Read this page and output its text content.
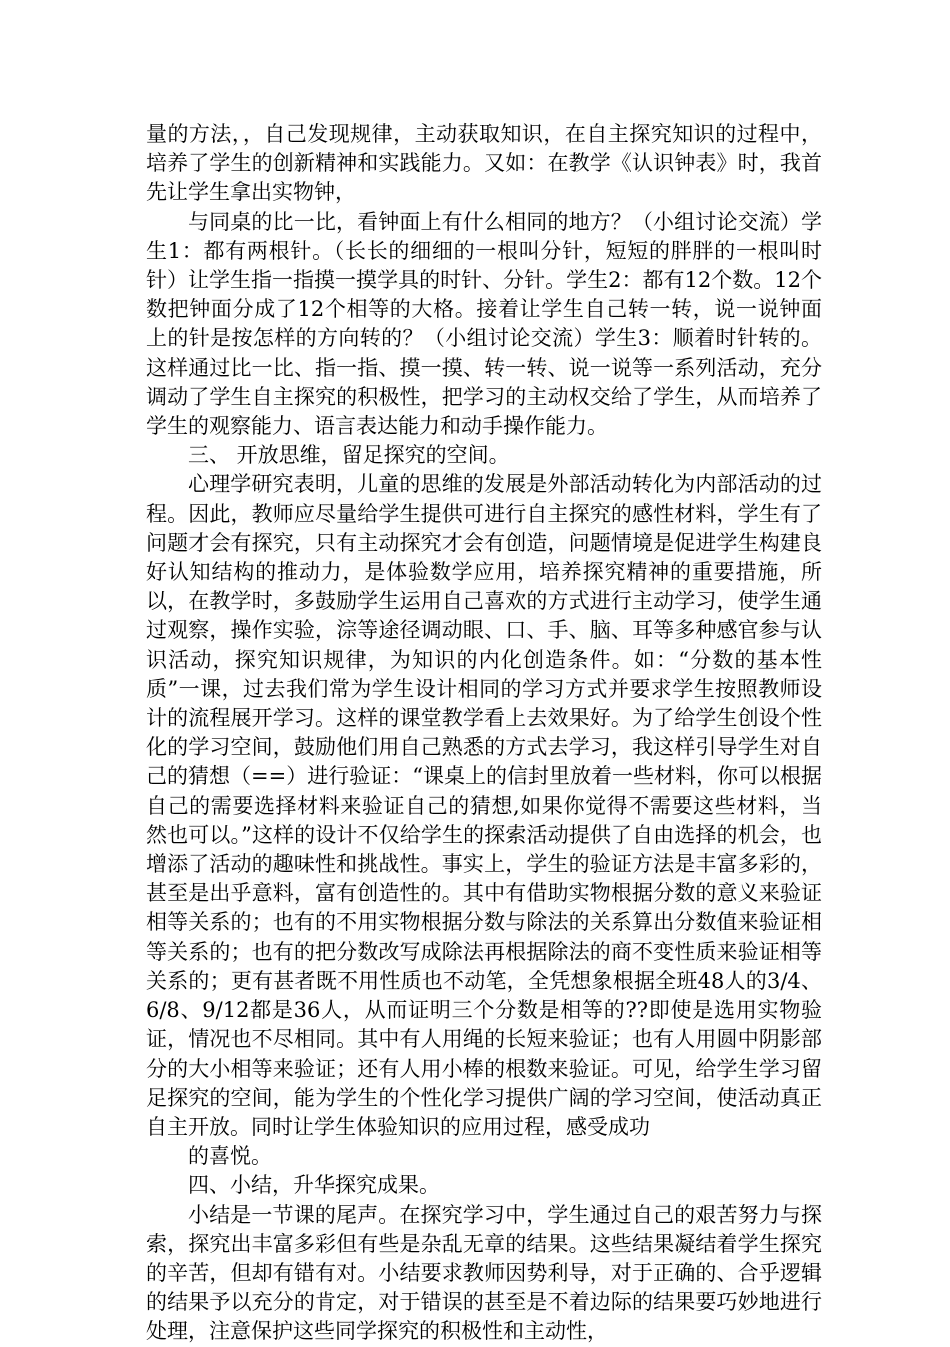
量的方法，，自己发现规律，主动获取知识，在自主探究知识的过程中，培养了学生的创新精神和实践能力。又如：在教学《认识钟表》时，我首先让学生拿出实物钟，

与同桌的比一比，看钟面上有什么相同的地方？（小组讨论交流）学生1：都有两根针。（长长的细细的一根叫分针，短短的胖胖的一根叫时针）让学生指一指摸一摸学具的时针、分针。学生2：都有12个数。12个数把钟面分成了12个相等的大格。接着让学生自己转一转，说一说钟面上的针是按怎样的方向转的？（小组讨论交流）学生3：顺着时针转的。这样通过比一比、指一指、摸一摸、转一转、说一说等一系列活动，充分调动了学生自主探究的积极性，把学习的主动权交给了学生，从而培养了学生的观察能力、语言表达能力和动手操作能力。

三、 开放思维，留足探究的空间。

心理学研究表明，儿童的思维的发展是外部活动转化为内部活动的过程。因此，教师应尽量给学生提供可进行自主探究的感性材料，学生有了问题才会有探究，只有主动探究才会有创造，问题情境是促进学生构建良好认知结构的推动力，是体验数学应用，培养探究精神的重要措施，所以，在教学时，多鼓励学生运用自己喜欢的方式进行主动学习，使学生通过观察，操作实验，淙等途径调动眼、口、手、脑、耳等多种感官参与认识活动，探究知识规律，为知识的内化创造条件。如：“分数的基本性质”一课，过去我们常为学生设计相同的学习方式并要求学生按照教师设计的流程展开学习。这样的课堂教学看上去效果好。为了给学生创设个性化的学习空间，鼓励他们用自己熟悉的方式去学习，我这样引导学生对自己的猜想（==）进行验证：“课桌上的信封里放着一些材料，你可以根据自己的需要选择材料来验证自己的猜想,如果你觉得不需要这些材料，当然也可以。”这样的设计不仅给学生的探索活动提供了自由选择的机会，也增添了活动的趣味性和挑战性。事实上，学生的验证方法是丰富多彩的，甚至是出乎意料，富有创造性的。其中有借助实物根据分数的意义来验证相等关系的；也有的不用实物根据分数与除法的关系算出分数值来验证相等关系的；也有的把分数改写成除法再根据除法的商不变性质来验证相等关系的；更有甚者既不用性质也不动笔，全凭想象根据全班48人的3/4、6/8、9/12都是36人，从而证明三个分数是相等的??即使是选用实物验证，情况也不尽相同。其中有人用绳的长短来验证；也有人用圆中阴影部分的大小相等来验证；还有人用小棒的根数来验证。可见，给学生学习留足探究的空间，能为学生的个性化学习提供广阔的学习空间，使活动真正自主开放。同时让学生体验知识的应用过程，感受成功

的喜悦。

四、小结，升华探究成果。

小结是一节课的尾声。在探究学习中，学生通过自己的艰苦努力与探索，探究出丰富多彩但有些是杂乱无章的结果。这些结果凝结着学生探究的辛苦，但却有错有对。小结要求教师因势利导，对于正确的、合乎逻辑的结果予以充分的肯定，对于错误的甚至是不着边际的结果要巧妙地进行处理，注意保护这些同学探究的积极性和主动性，
